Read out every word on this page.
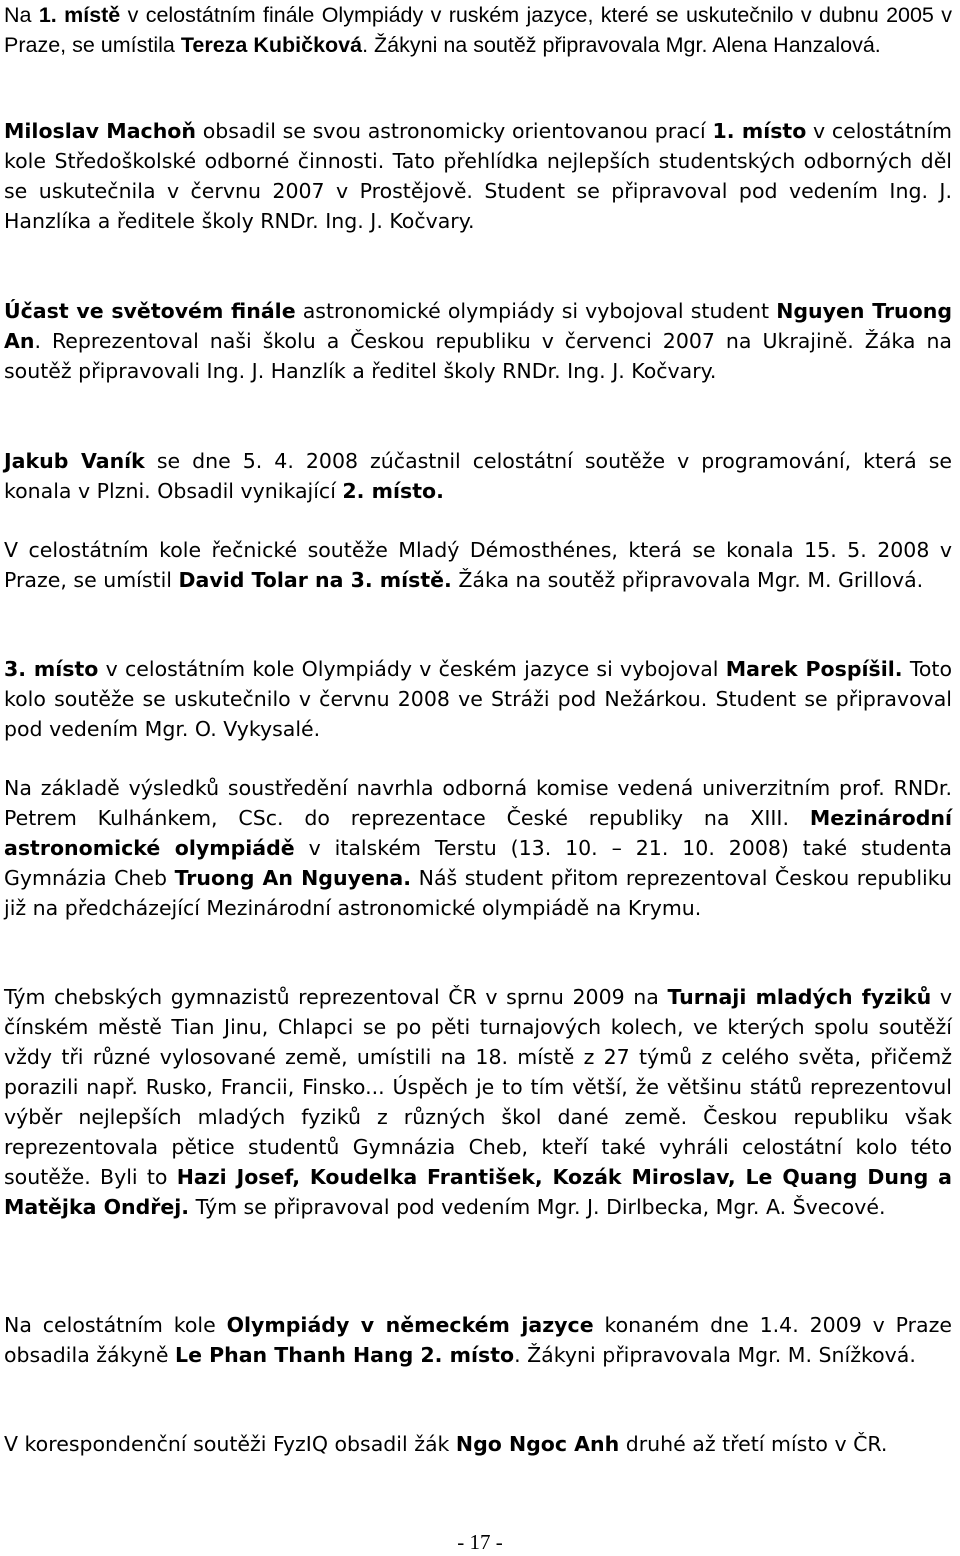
Na 1. místě v celostátním finále Olympiády v ruském jazyce, které se uskutečnilo v dubnu 2005 v Praze, se umístila Tereza Kubičková. Žákyni na soutěž připravovala Mgr. Alena Hanzalová.

Miloslav Machoň obsadil se svou astronomicky orientovanou prací 1. místo v celostátním kole Středoškolské odborné činnosti. Tato přehlídka nejlepších studentských odborných děl se uskutečnila v červnu 2007 v Prostějově. Student se připravoval pod vedením Ing. J. Hanzlíka a ředitele školy RNDr. Ing. J. Kočvary.

Účast ve světovém finále astronomické olympiády si vybojoval student Nguyen Truong An. Reprezentoval naši školu a Českou republiku v červenci 2007 na Ukrajině. Žáka na soutěž připravovali Ing. J. Hanzlík a ředitel školy RNDr. Ing. J. Kočvary.

Jakub Vaník se dne 5. 4. 2008 zúčastnil celostátní soutěže v programování, která se konala v Plzni. Obsadil vynikající 2. místo.

V celostátním kole řečnické soutěže Mladý Démosthénes, která se konala 15. 5. 2008 v Praze, se umístil David Tolar na 3. místě. Žáka na soutěž připravovala Mgr. M. Grillová.

3. místo v celostátním kole Olympiády v českém jazyce si vybojoval Marek Pospíšil. Toto kolo soutěže se uskutečnilo v červnu 2008 ve Stráži pod Nežárkou. Student se připravoval pod vedením Mgr. O. Vykysalé.

Na základě výsledků soustředění navrhla odborná komise vedená univerzitním prof. RNDr. Petrem Kulhánkem, CSc. do reprezentace České republiky na XIII. Mezinárodní astronomické olympiádě v italském Terstu (13. 10. – 21. 10. 2008) také studenta Gymnázia Cheb Truong An Nguyena. Náš student přitom reprezentoval Českou republiku již na předcházející Mezinárodní astronomické olympiádě na Krymu.

Tým chebských gymnazistů reprezentoval ČR v sprnu 2009 na Turnaji mladých fyziků v čínském městě Tian Jinu, Chlapci se po pěti turnajových kolech, ve kterých spolu soutěží vždy tři různé vylosované země, umístili na 18. místě z 27 týmů z celého světa, přičemž porazili např. Rusko, Francii, Finsko... Úspěch je to tím větší, že většinu států reprezentovul výběr nejlepších mladých fyziků z různých škol dané země. Českou republiku však reprezentovala pětice studentů Gymnázia Cheb, kteří také vyhráli celostátní kolo této soutěže. Byli to Hazi Josef, Koudelka František, Kozák Miroslav, Le Quang Dung a Matějka Ondřej. Tým se připravoval pod vedením Mgr. J. Dirlbecka, Mgr. A. Švecové.

Na celostátním kole Olympiády v německém jazyce konaném dne 1.4. 2009 v Praze obsadila žákyně Le Phan Thanh Hang 2. místo. Žákyni připravovala Mgr. M. Snížková.

V korespondenční soutěži FyzIQ obsadil žák Ngo Ngoc Anh druhé až třetí místo v ČR.

- 17 -
